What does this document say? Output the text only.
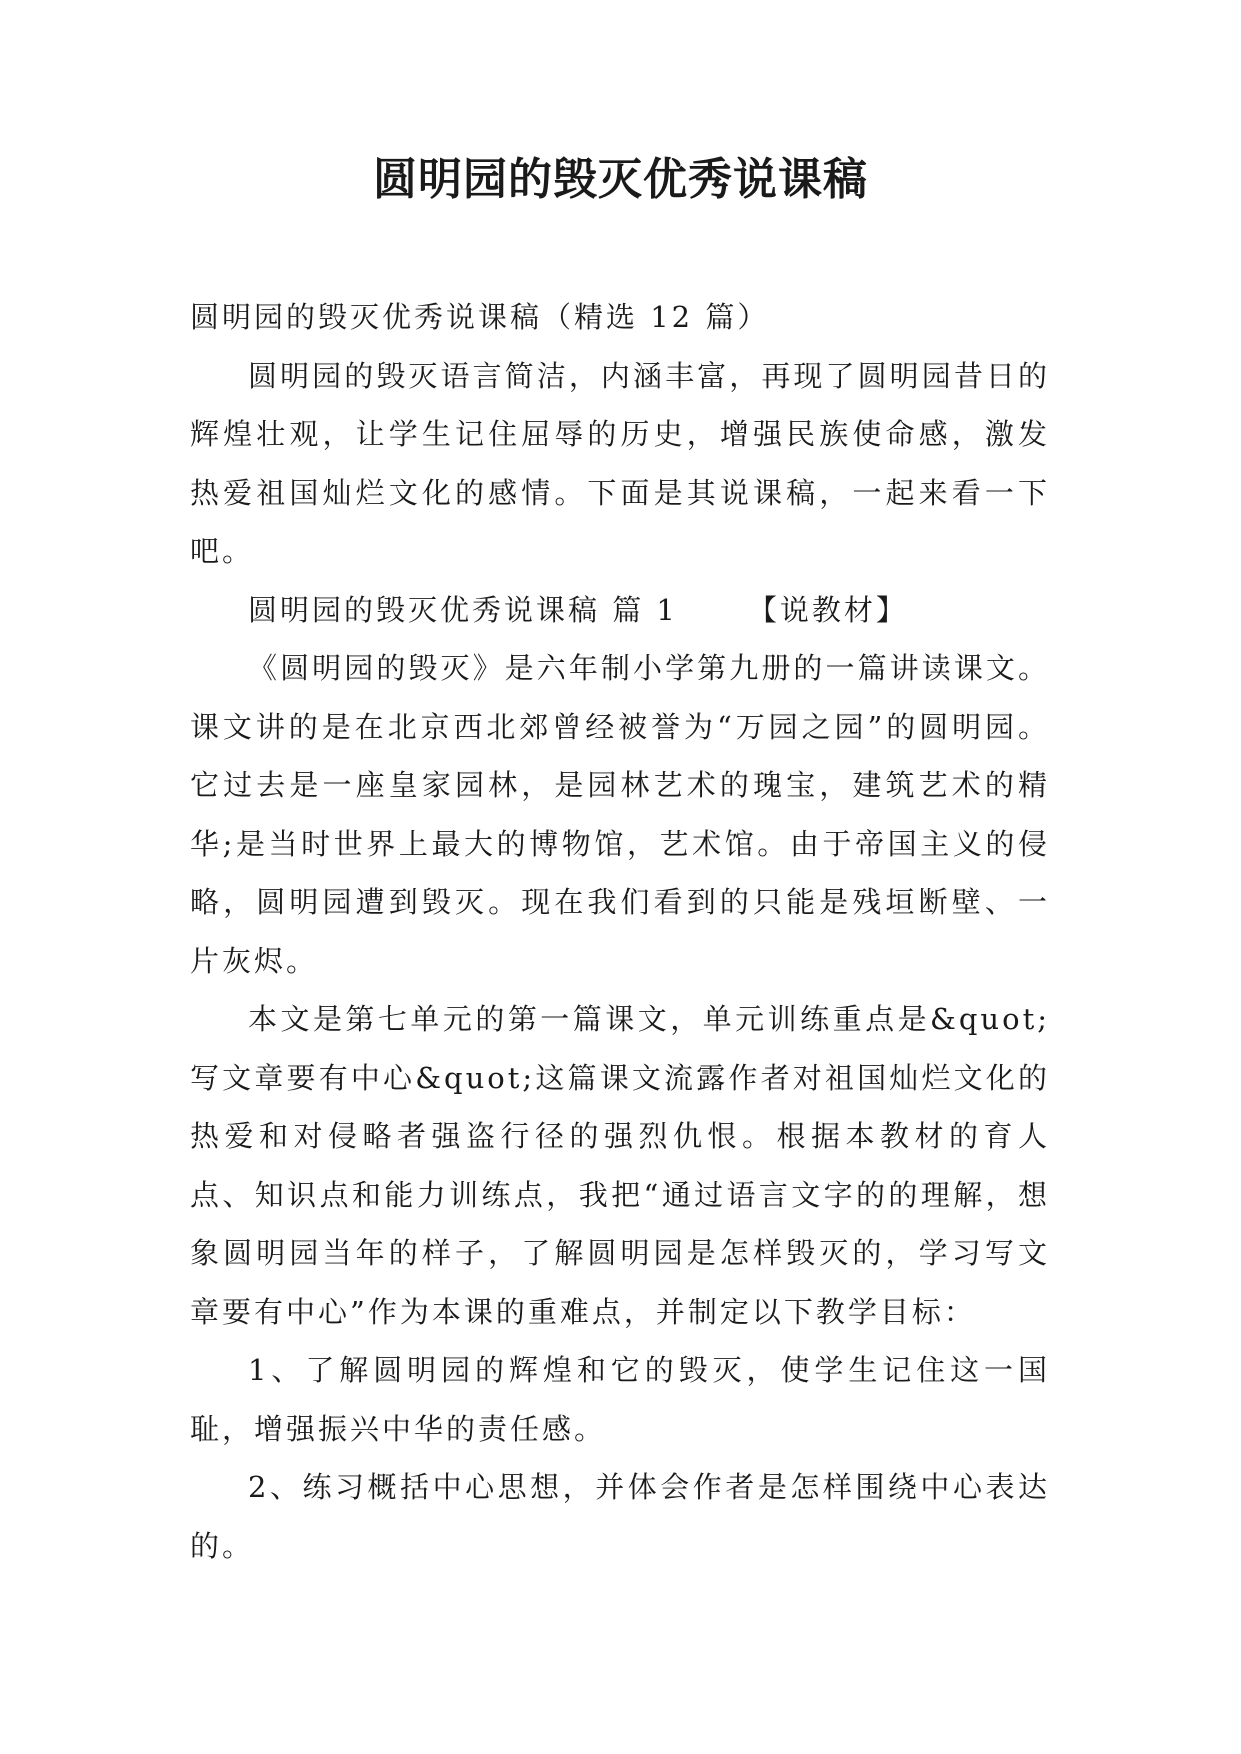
圆明园的毁灭优秀说课稿

圆明园的毁灭优秀说课稿（精选 12 篇）

圆明园的毁灭语言简洁，内涵丰富，再现了圆明园昔日的辉煌壮观，让学生记住屈辱的历史，增强民族使命感，激发热爱祖国灿烂文化的感情。下面是其说课稿，一起来看一下吧。

圆明园的毁灭优秀说课稿 篇 1 【说教材】

《圆明园的毁灭》是六年制小学第九册的一篇讲读课文。课文讲的是在北京西北郊曾经被誉为“万园之园”的圆明园。它过去是一座皇家园林，是园林艺术的瑰宝，建筑艺术的精华;是当时世界上最大的博物馆，艺术馆。由于帝国主义的侵略，圆明园遭到毁灭。现在我们看到的只能是残垣断壁、一片灰烬。

本文是第七单元的第一篇课文，单元训练重点是&quot;写文章要有中心&quot;这篇课文流露作者对祖国灿烂文化的热爱和对侵略者强盗行径的强烈仇恨。根据本教材的育人点、知识点和能力训练点，我把“通过语言文字的的理解，想象圆明园当年的样子，了解圆明园是怎样毁灭的，学习写文章要有中心”作为本课的重难点，并制定以下教学目标：

1、了解圆明园的辉煌和它的毁灭，使学生记住这一国耻，增强振兴中华的责任感。

2、练习概括中心思想，并体会作者是怎样围绕中心表达的。
